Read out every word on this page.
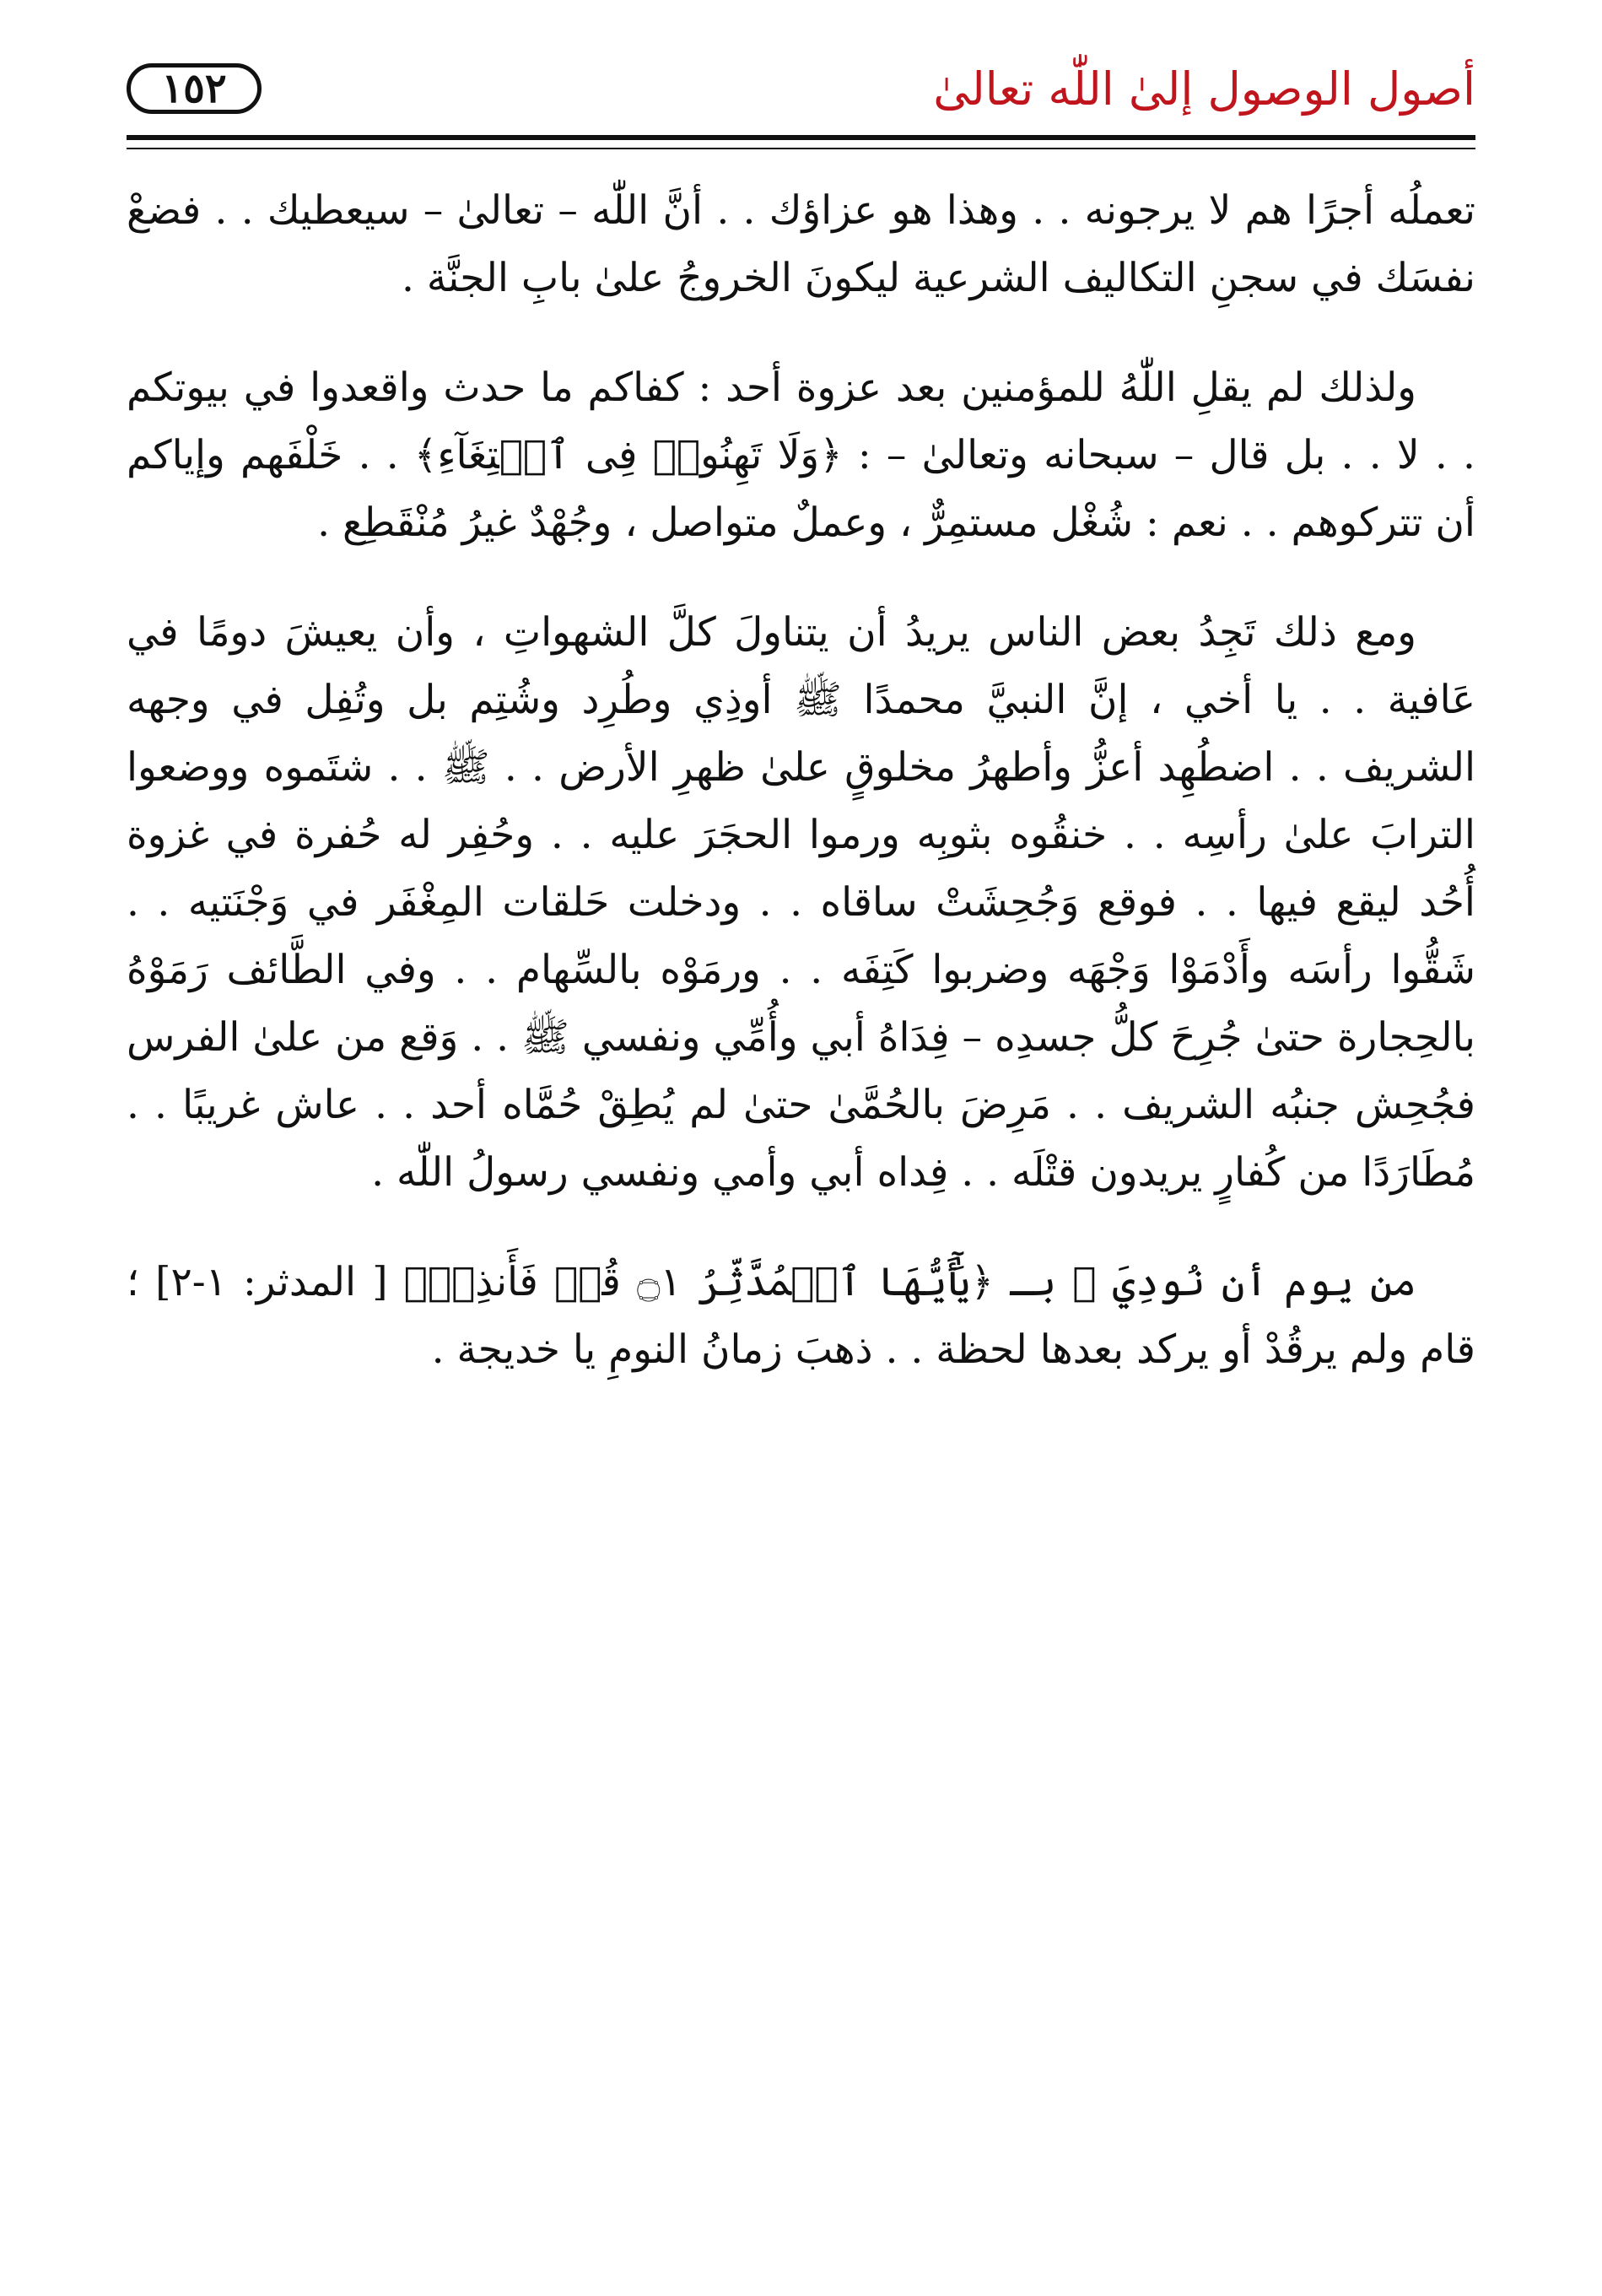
أصول الوصول إلىٰ اللّٰه تعالىٰ
١٥٢

تعملُه أجرًا هم لا يرجونه . . وهذا هو عزاؤك . . أنَّ اللّٰه – تعالىٰ – سيعطيك . . فضعْ نفسَك في سجنِ التكاليف الشرعية ليكونَ الخروجُ علىٰ بابِ الجنَّة .

ولذلك لم يقلِ اللّٰهُ للمؤمنين بعد عزوة أحد : كفاكم ما حدث واقعدوا في بيوتكم . . لا . . بل قال – سبحانه وتعالىٰ – : ﴿وَلَا تَهِنُوا۟ فِى ٱبۡتِغَآءِ﴾ . . خَلْفَهم وإياكم أن تتركوهم . . نعم : شُغْل مستمِرٌّ ، وعملٌ متواصل ، وجُهْدٌ غيرُ مُنْقَطِع .

ومع ذلك تَجِدُ بعض الناس يريدُ أن يتناولَ كلَّ الشهواتِ ، وأن يعيشَ دومًا في عَافية . . يا أخي ، إنَّ النبيَّ محمدًا ﷺ أوذِي وطُرِد وشُتِم بل وتُفِل في وجهه الشريف . . اضطُهِد أعزُّ وأطهرُ مخلوقٍ علىٰ ظهرِ الأرض . . ﷺ . . شتَموه ووضعوا الترابَ علىٰ رأسِه . . خنقُوه بثوبِه ورموا الحجَرَ عليه . . وحُفِر له حُفرة في غزوة أُحُد ليقع فيها . . فوقع وَجُحِشَتْ ساقاه . . ودخلت حَلقات المِغْفَر في وَجْنَتيه . . شَقُّوا رأسَه وأَدْمَوْا وَجْهَه وضربوا كَتِفَه . . ورمَوْه بالسِّهام . . وفي الطَّائف رَمَوْهُ بالحِجارة حتىٰ جُرِحَ كلُّ جسدِه – فِدَاهُ أبي وأُمِّي ونفسي ﷺ . . وَقع من علىٰ الفرس فجُحِش جنبُه الشريف . . مَرِضَ بالحُمَّىٰ حتىٰ لم يُطِقْ حُمَّاه أحد . . عاش غريبًا . . مُطَارَدًا من كُفارٍ يريدون قتْلَه . . فِداه أبي وأمي ونفسي رسولُ اللّٰه .

من يوم أن نُودِيَ ﷺ بـ ﴿يَٰٓأَيُّهَا ٱلۡمُدَّثِّرُ ۝١ قُمۡ فَأَنذِرۡ﴾ [ المدثر: ١-٢] ؛ قام ولم يرقُدْ أو يركد بعدها لحظة . . ذهبَ زمانُ النومِ يا خديجة .
